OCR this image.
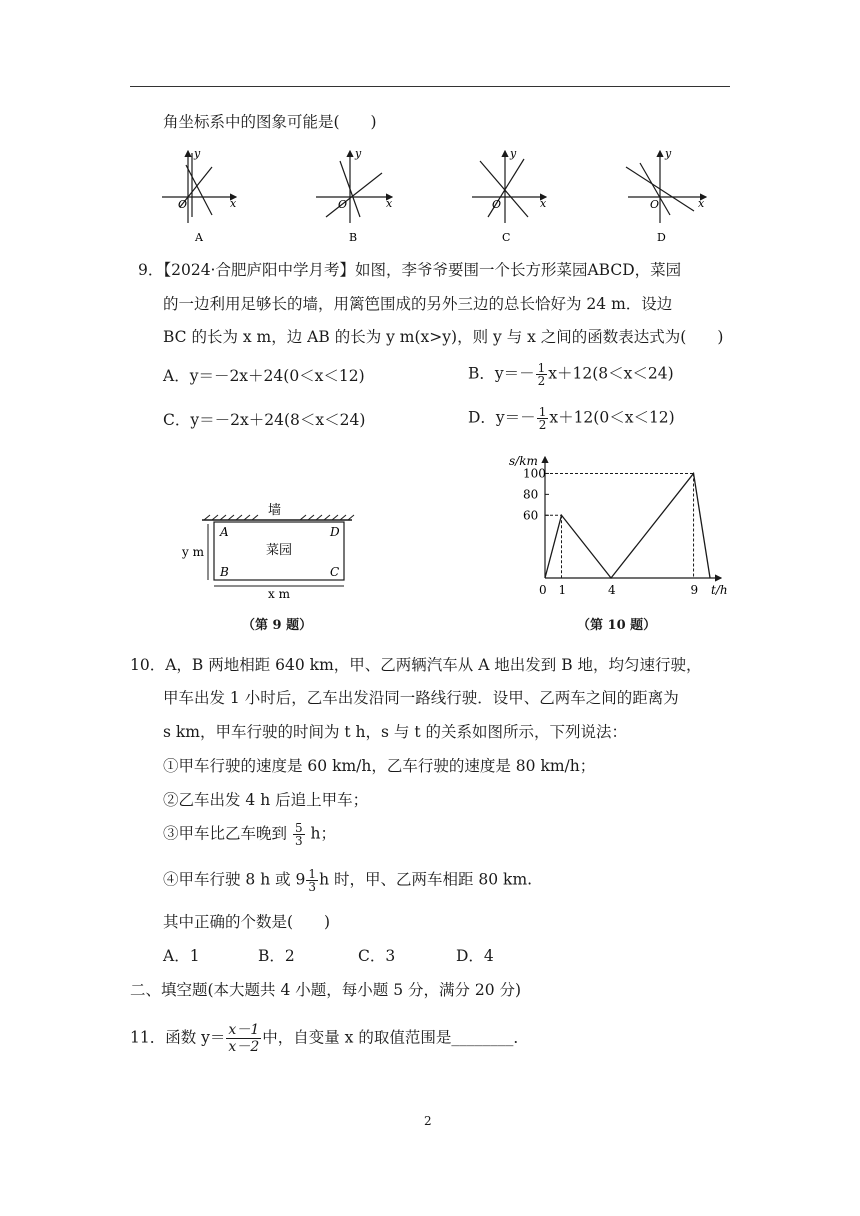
角坐标系中的图象可能是(　　)
y
x
O
A
y
x
O
B
y
x
O
C
y
x
O
D
9．【2024·合肥庐阳中学月考】如图，李爷爷要围一个长方形菜园ABCD，菜园
的一边利用足够长的墙，用篱笆围成的另外三边的总长恰好为 24 m．设边
BC 的长为 x m，边 AB 的长为 y m(x>y)，则 y 与 x 之间的函数表达式为(　　)
A．y＝－2x＋24(0＜x＜12)	B．$y=- \frac{1}{2} x+12(8<x<24)$
C．y＝－2x＋24(8＜x＜24)	D．$y=- \frac{1}{2} x+12(0<x<12)$
墙
A	D
B	C
菜园
y m
x m
（第 9 题）
s/km
t/h
60
80
100
0 1	4	9
（第 10 题）
10．A，B 两地相距 640 km，甲、乙两辆汽车从 A 地出发到 B 地，均匀速行驶，
甲车出发 1 小时后，乙车出发沿同一路线行驶．设甲、乙两车之间的距离为
s km，甲车行驶的时间为 t h，s 与 t 的关系如图所示，下列说法：
①甲车行驶的速度是 60 km/h，乙车行驶的速度是 80 km/h；
②乙车出发 4 h 后追上甲车；
③甲车比乙车晚到 $\frac{5}{3}$ h；
④甲车行驶 8 h 或 $9 \frac{1}{3}$ h 时，甲、乙两车相距 80 km.
其中正确的个数是(　　)
A．1	B．2	C．3	D．4
二、填空题(本大题共 4 小题，每小题 5 分，满分 20 分)
11．函数 $y= \frac{x-1}{x-2}$ 中，自变量 x 的取值范围是________．
2
